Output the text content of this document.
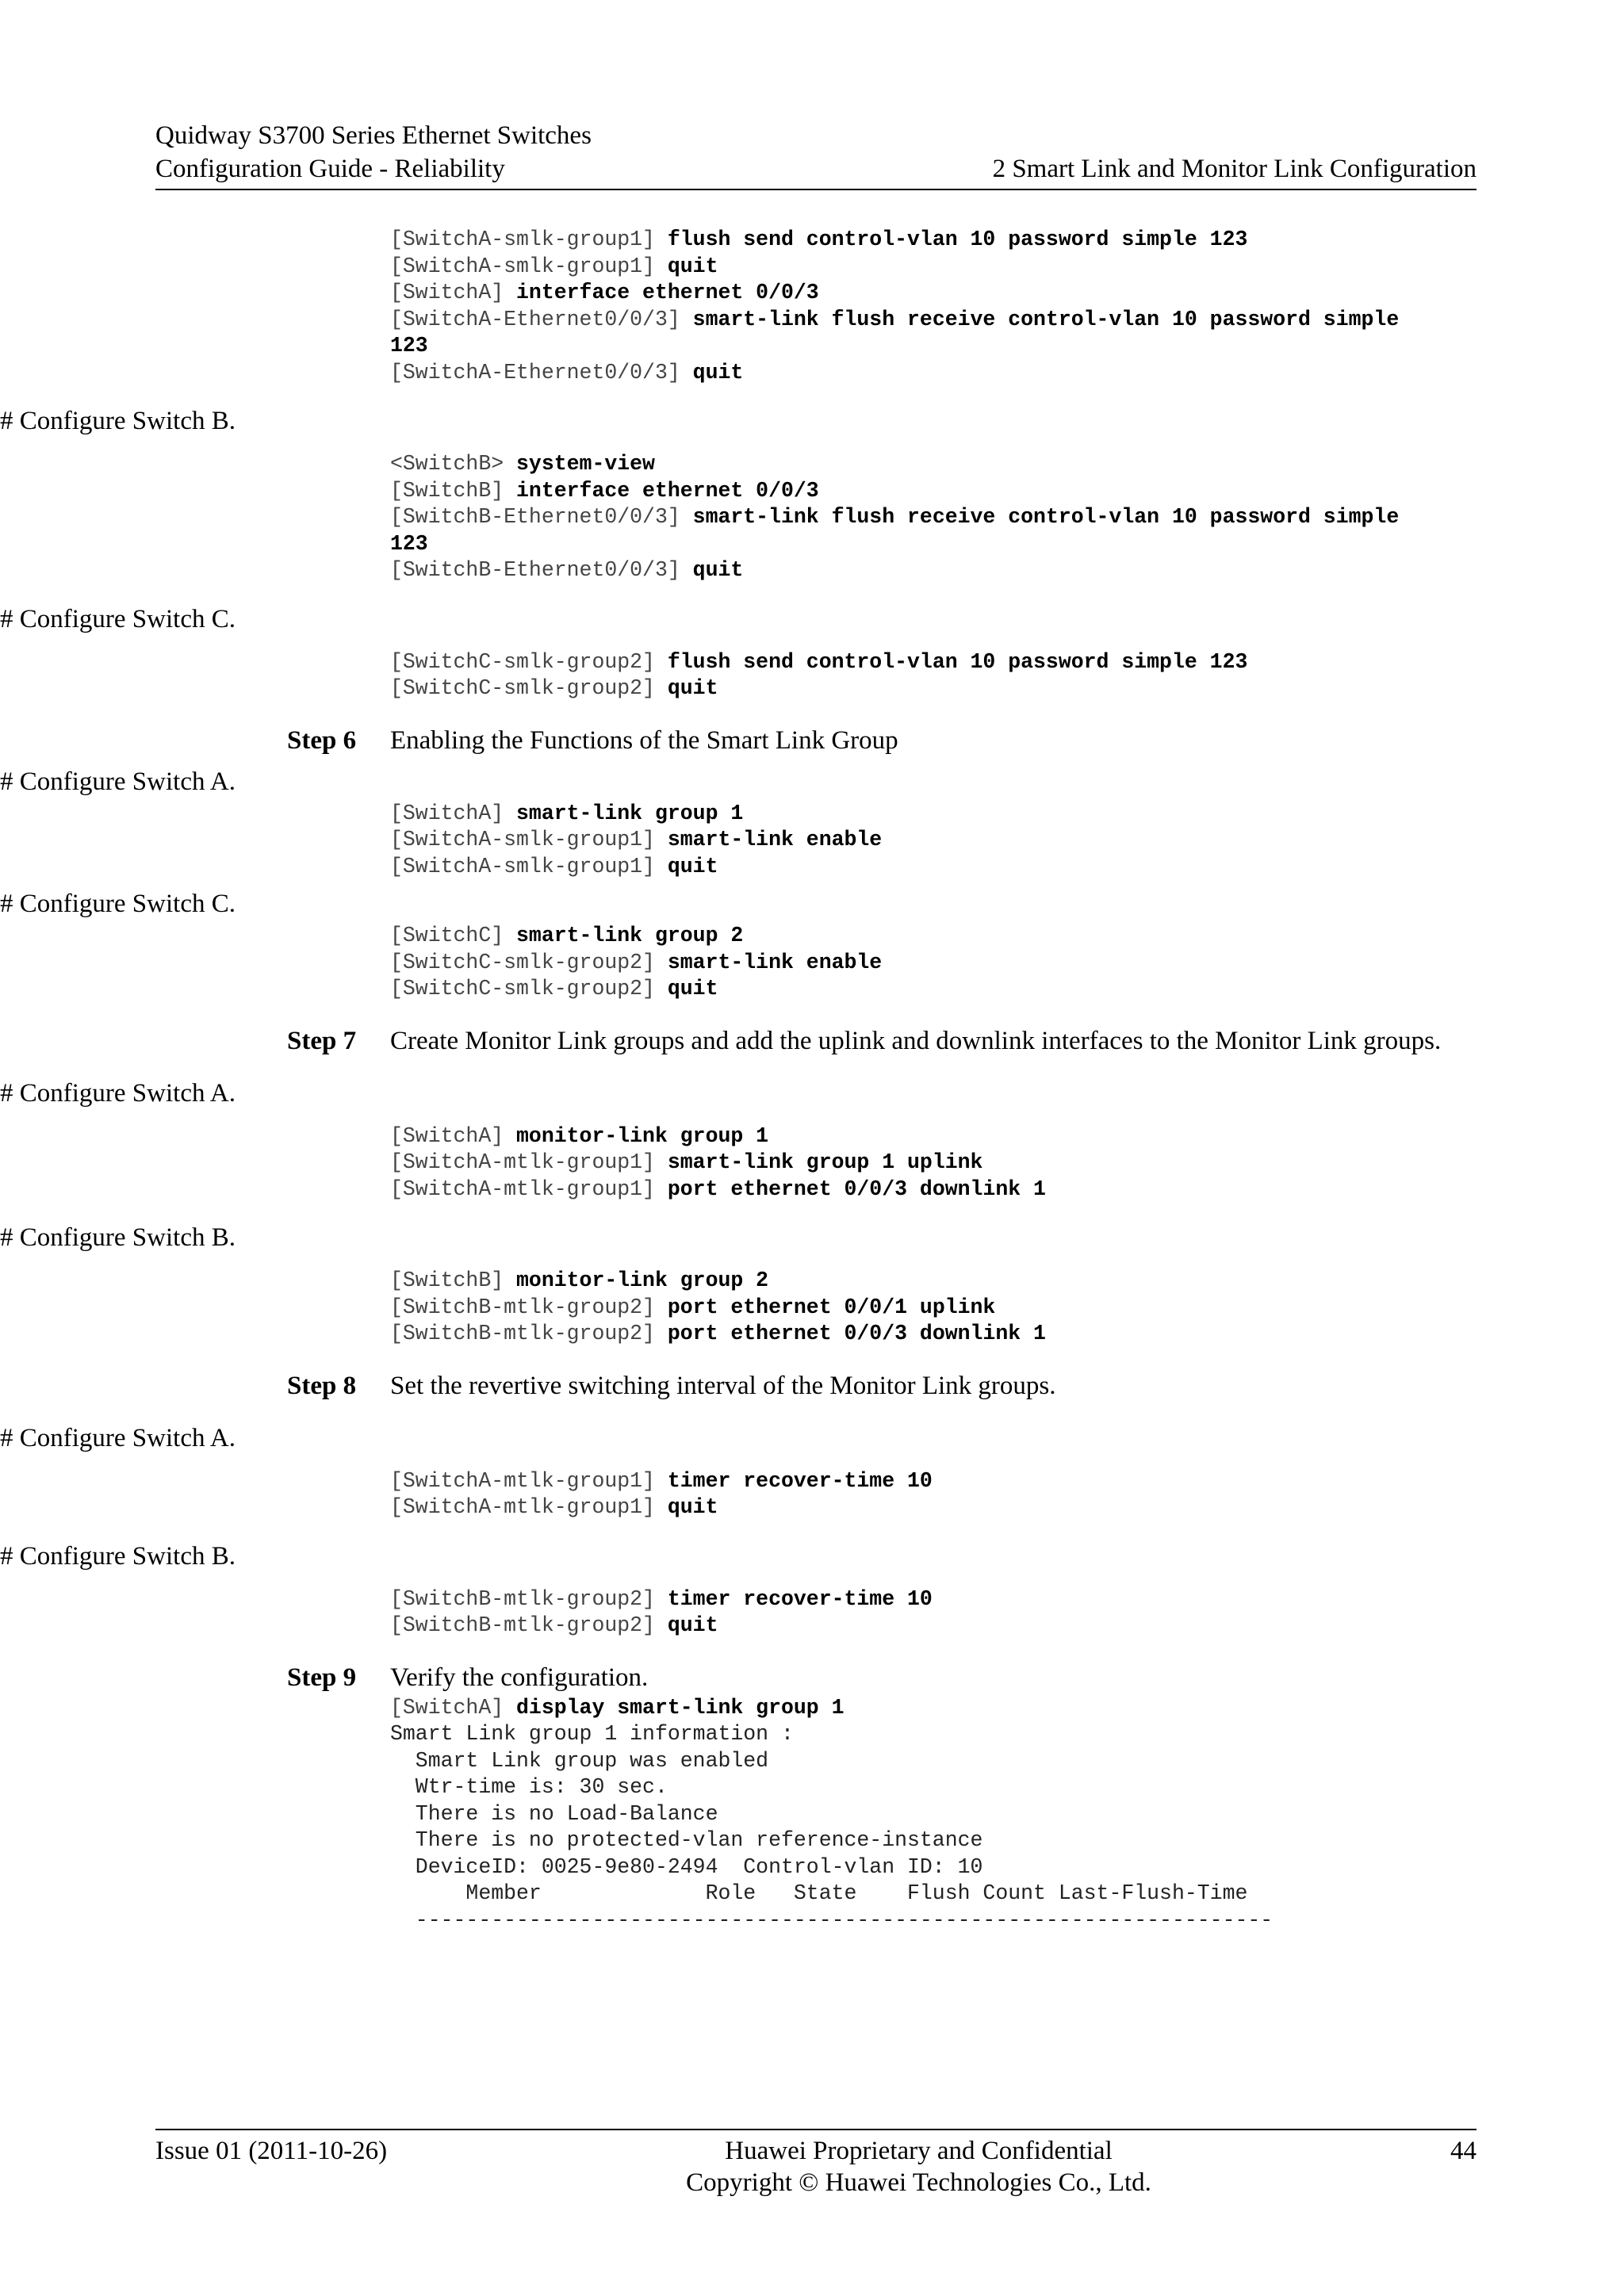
Quidway S3700 Series Ethernet Switches
Configuration Guide - Reliability	2 Smart Link and Monitor Link Configuration
[SwitchA-smlk-group1] flush send control-vlan 10 password simple 123
[SwitchA-smlk-group1] quit
[SwitchA] interface ethernet 0/0/3
[SwitchA-Ethernet0/0/3] smart-link flush receive control-vlan 10 password simple
123
[SwitchA-Ethernet0/0/3] quit
# Configure Switch B.
<SwitchB> system-view
[SwitchB] interface ethernet 0/0/3
[SwitchB-Ethernet0/0/3] smart-link flush receive control-vlan 10 password simple
123
[SwitchB-Ethernet0/0/3] quit
# Configure Switch C.
[SwitchC-smlk-group2] flush send control-vlan 10 password simple 123
[SwitchC-smlk-group2] quit
Step 6	Enabling the Functions of the Smart Link Group
# Configure Switch A.
[SwitchA] smart-link group 1
[SwitchA-smlk-group1] smart-link enable
[SwitchA-smlk-group1] quit
# Configure Switch C.
[SwitchC] smart-link group 2
[SwitchC-smlk-group2] smart-link enable
[SwitchC-smlk-group2] quit
Step 7	Create Monitor Link groups and add the uplink and downlink interfaces to the Monitor Link groups.
# Configure Switch A.
[SwitchA] monitor-link group 1
[SwitchA-mtlk-group1] smart-link group 1 uplink
[SwitchA-mtlk-group1] port ethernet 0/0/3 downlink 1
# Configure Switch B.
[SwitchB] monitor-link group 2
[SwitchB-mtlk-group2] port ethernet 0/0/1 uplink
[SwitchB-mtlk-group2] port ethernet 0/0/3 downlink 1
Step 8	Set the revertive switching interval of the Monitor Link groups.
# Configure Switch A.
[SwitchA-mtlk-group1] timer recover-time 10
[SwitchA-mtlk-group1] quit
# Configure Switch B.
[SwitchB-mtlk-group2] timer recover-time 10
[SwitchB-mtlk-group2] quit
Step 9	Verify the configuration.
[SwitchA] display smart-link group 1
Smart Link group 1 information :
Smart Link group was enabled
Wtr-time is: 30 sec.
There is no Load-Balance
There is no protected-vlan reference-instance
DeviceID: 0025-9e80-2494  Control-vlan ID: 10
Member             Role   State    Flush Count Last-Flush-Time
--------------------------------------------------------------------
Issue 01 (2011-10-26)	Huawei Proprietary and Confidential
Copyright © Huawei Technologies Co., Ltd.
44
